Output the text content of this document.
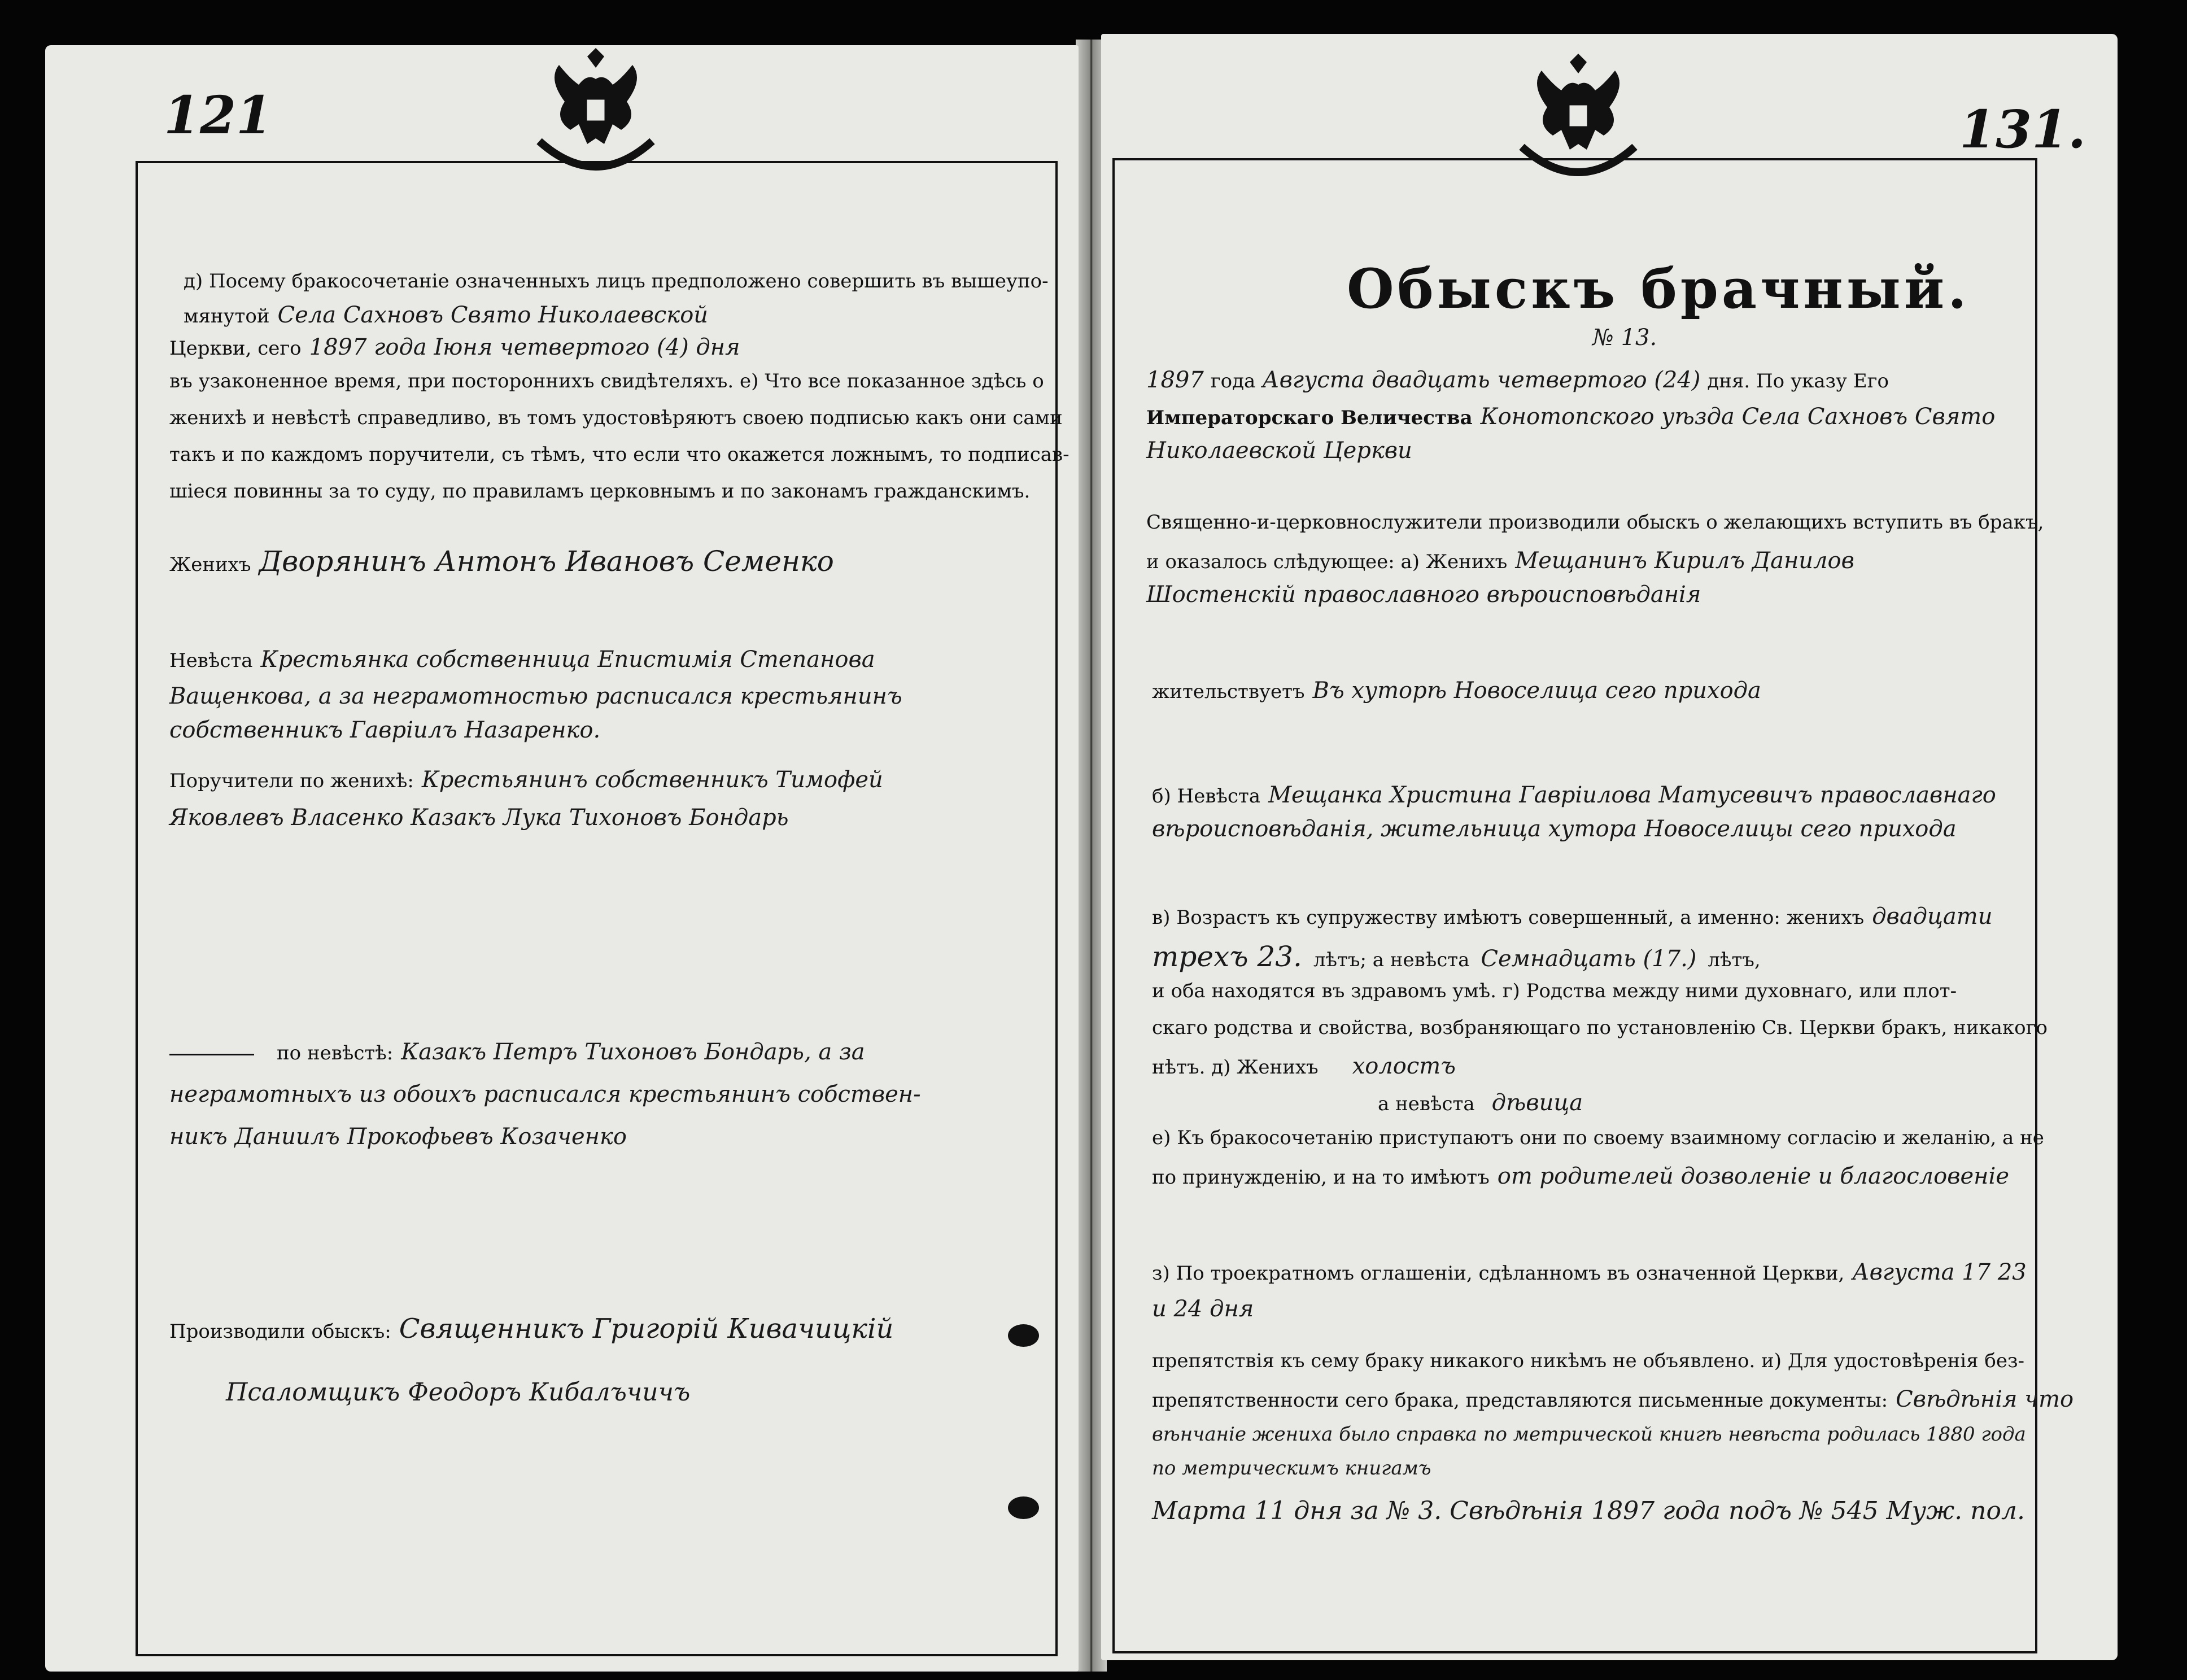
121
д) Посему бракосочетанiе означенныхъ лицъ предположено совершить въ вышеупо-
мянутой Села Сахновъ Свято Николаевской
Церкви, сего 1897 года Iюня четвертого (4) дня
въ узаконенное время, при постороннихъ свидѣтеляхъ. е) Что все показанное здѣсь о
женихѣ и невѣстѣ справедливо, въ томъ удостовѣряютъ своею подписью какъ они сами
такъ и по каждомъ поручители, съ тѣмъ, что если что окажется ложнымъ, то подписав-
шiеся повинны за то суду, по правиламъ церковнымъ и по законамъ гражданскимъ.
Женихъ Дворянинъ Антонъ Ивановъ Семенко
Невѣста Крестьянка собственница Епистимiя Степанова
Ващенкова, а за неграмотностью расписался крестьянинъ
собственникъ Гаврiилъ Назаренко.
Поручители по женихѣ: Крестьянинъ собственникъ Тимофей
Яковлевъ Власенко Казакъ Лука Тихоновъ Бондарь
по невѣстѣ: Казакъ Петръ Тихоновъ Бондарь, а за
неграмотныхъ из обоихъ расписался крестьянинъ собствен-
никъ Даниилъ Прокофьевъ Козаченко
Производили обыскъ: Священникъ Григорiй Кивачицкiй
Псаломщикъ Феодоръ Кибалъчичъ
131.
Обыскъ брачный.
№ 13.
1897 года Августа двадцать четвертого (24) дня. По указу Его
Императорскаго Величества Конотопского уѣзда Села Сахновъ Свято
Николаевской Церкви
Священно-и-церковнослужители производили обыскъ о желающихъ вступить въ бракъ,
и оказалось слѣдующее: а) Женихъ Мещанинъ Кирилъ Данилов
Шостенскiй православного вѣроисповѣданiя
жительствуетъ Въ хуторѣ Новоселица сего прихода
б) Невѣста Мещанка Христина Гаврiилова Матусевичъ православнаго
вѣроисповѣданiя, жительница хутора Новоселицы сего прихода
в) Возрастъ къ супружеству имѣютъ совершенный, а именно: женихъ двадцати
трехъ 23. лѣтъ; а невѣста Семнадцать (17.) лѣтъ,
и оба находятся въ здравомъ умѣ. г) Родства между ними духовнаго, или плот-
скаго родства и свойства, возбраняющаго по установленiю Св. Церкви бракъ, никакого
нѣтъ. д) Женихъ холостъ
а невѣста дѣвица
е) Къ бракосочетанiю приступаютъ они по своему взаимному согласiю и желанiю, а не
по принужденiю, и на то имѣютъ от родителей дозволенiе и благословенiе
з) По троекратномъ оглашенiи, сдѣланномъ въ означенной Церкви, Августа 17 23
и 24 дня
препятствiя къ сему браку никакого никѣмъ не объявлено. и) Для удостовѣренiя без-
препятственности сего брака, представляются письменные документы: Свѣдѣнiя что
вѣнчанiе жениха было справка по метрической книгѣ невѣста родилась 1880 года
по метрическимъ книгамъ
Марта 11 дня за № 3. Свѣдѣнiя 1897 года подъ № 545 Муж. пол.
